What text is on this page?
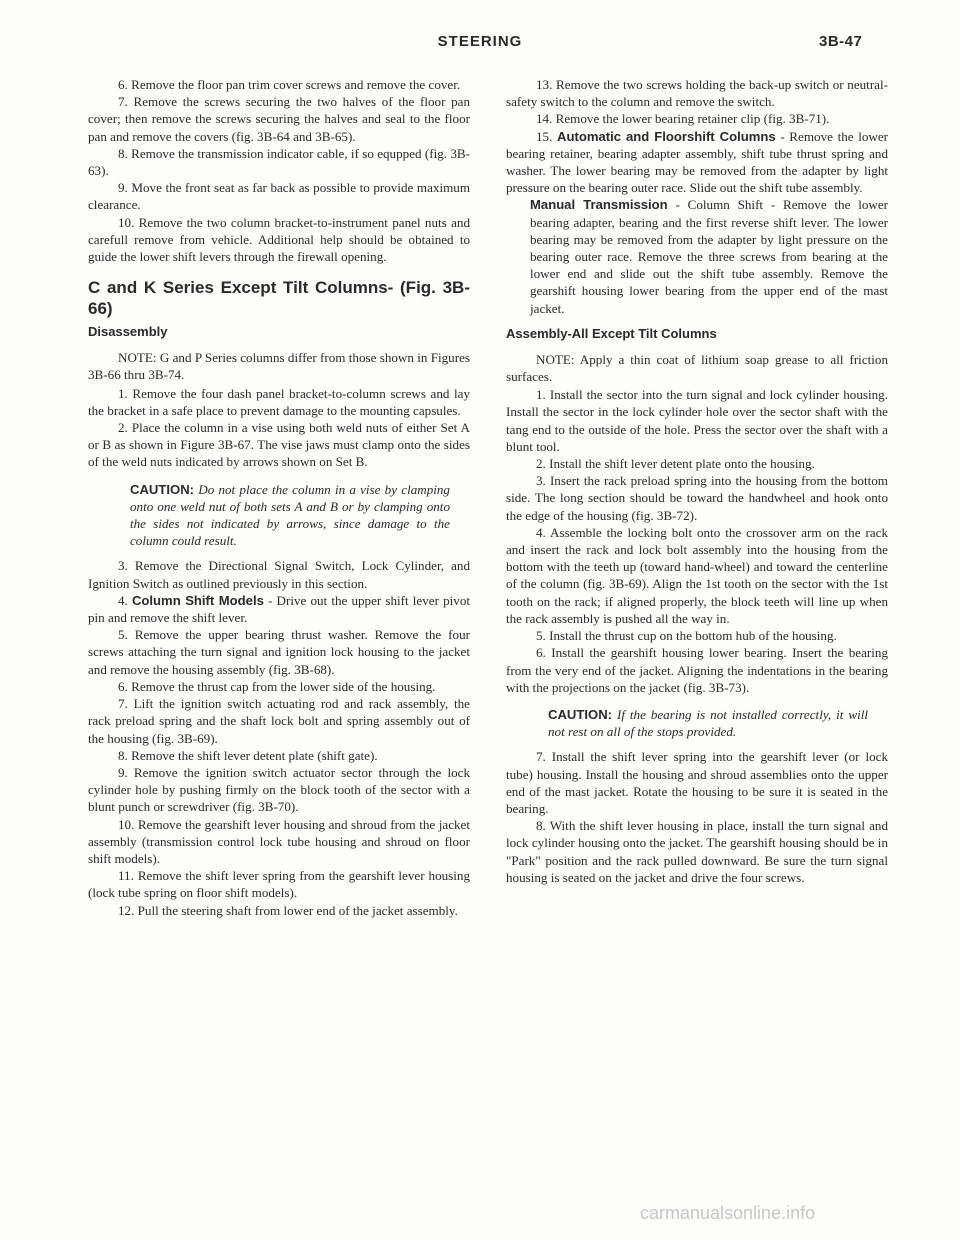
STEERING	3B-47

6. Remove the floor pan trim cover screws and remove the cover.

7. Remove the screws securing the two halves of the floor pan cover; then remove the screws securing the halves and seal to the floor pan and remove the covers (fig. 3B-64 and 3B-65).

8. Remove the transmission indicator cable, if so equpped (fig. 3B-63).

9. Move the front seat as far back as possible to provide maximum clearance.

10. Remove the two column bracket-to-instrument panel nuts and carefull remove from vehicle. Additional help should be obtained to guide the lower shift levers through the firewall opening.

C and K Series Except Tilt Columns- (Fig. 3B-66)
Disassembly

NOTE: G and P Series columns differ from those shown in Figures 3B-66 thru 3B-74.

1. Remove the four dash panel bracket-to-column screws and lay the bracket in a safe place to prevent damage to the mounting capsules.

2. Place the column in a vise using both weld nuts of either Set A or B as shown in Figure 3B-67. The vise jaws must clamp onto the sides of the weld nuts indicated by arrows shown on Set B.

CAUTION: Do not place the column in a vise by clamping onto one weld nut of both sets A and B or by clamping onto the sides not indicated by arrows, since damage to the column could result.

3. Remove the Directional Signal Switch, Lock Cylinder, and Ignition Switch as outlined previously in this section.

4. Column Shift Models - Drive out the upper shift lever pivot pin and remove the shift lever.

5. Remove the upper bearing thrust washer. Remove the four screws attaching the turn signal and ignition lock housing to the jacket and remove the housing assembly (fig. 3B-68).

6. Remove the thrust cap from the lower side of the housing.

7. Lift the ignition switch actuating rod and rack assembly, the rack preload spring and the shaft lock bolt and spring assembly out of the housing (fig. 3B-69).

8. Remove the shift lever detent plate (shift gate).

9. Remove the ignition switch actuator sector through the lock cylinder hole by pushing firmly on the block tooth of the sector with a blunt punch or screwdriver (fig. 3B-70).

10. Remove the gearshift lever housing and shroud from the jacket assembly (transmission control lock tube housing and shroud on floor shift models).

11. Remove the shift lever spring from the gearshift lever housing (lock tube spring on floor shift models).

12. Pull the steering shaft from lower end of the jacket assembly.

13. Remove the two screws holding the back-up switch or neutral-safety switch to the column and remove the switch.

14. Remove the lower bearing retainer clip (fig. 3B-71).

15. Automatic and Floorshift Columns - Remove the lower bearing retainer, bearing adapter assembly, shift tube thrust spring and washer. The lower bearing may be removed from the adapter by light pressure on the bearing outer race. Slide out the shift tube assembly.

Manual Transmission - Column Shift - Remove the lower bearing adapter, bearing and the first reverse shift lever. The lower bearing may be removed from the adapter by light pressure on the bearing outer race. Remove the three screws from bearing at the lower end and slide out the shift tube assembly. Remove the gearshift housing lower bearing from the upper end of the mast jacket.

Assembly-All Except Tilt Columns

NOTE: Apply a thin coat of lithium soap grease to all friction surfaces.

1. Install the sector into the turn signal and lock cylinder housing. Install the sector in the lock cylinder hole over the sector shaft with the tang end to the outside of the hole. Press the sector over the shaft with a blunt tool.

2. Install the shift lever detent plate onto the housing.

3. Insert the rack preload spring into the housing from the bottom side. The long section should be toward the handwheel and hook onto the edge of the housing (fig. 3B-72).

4. Assemble the locking bolt onto the crossover arm on the rack and insert the rack and lock bolt assembly into the housing from the bottom with the teeth up (toward hand-wheel) and toward the centerline of the column (fig. 3B-69). Align the 1st tooth on the sector with the 1st tooth on the rack; if aligned properly, the block teeth will line up when the rack assembly is pushed all the way in.

5. Install the thrust cup on the bottom hub of the housing.

6. Install the gearshift housing lower bearing. Insert the bearing from the very end of the jacket. Aligning the indentations in the bearing with the projections on the jacket (fig. 3B-73).

CAUTION: If the bearing is not installed correctly, it will not rest on all of the stops provided.

7. Install the shift lever spring into the gearshift lever (or lock tube) housing. Install the housing and shroud assemblies onto the upper end of the mast jacket. Rotate the housing to be sure it is seated in the bearing.

8. With the shift lever housing in place, install the turn signal and lock cylinder housing onto the jacket. The gearshift housing should be in "Park" position and the rack pulled downward. Be sure the turn signal housing is seated on the jacket and drive the four screws.

carmanualsonline.info
